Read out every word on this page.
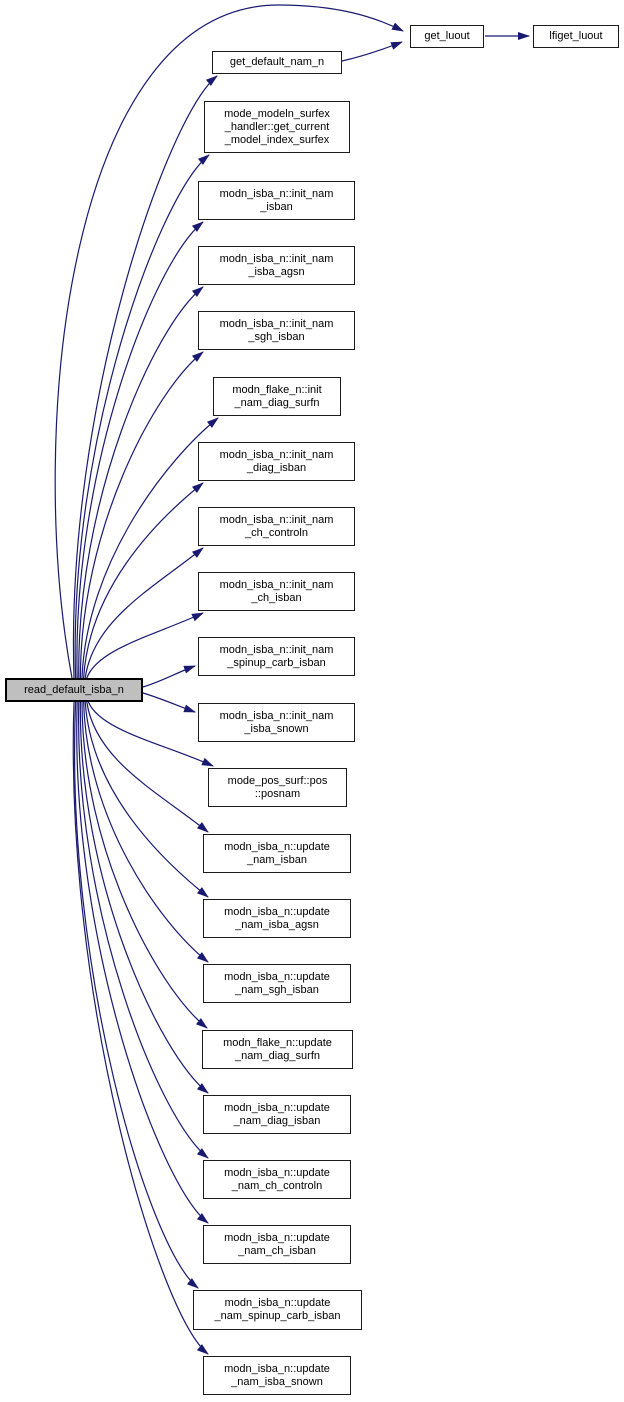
read_default_isba_n
get_luout	lfiget_luout
get_default_nam_n
mode_modeln_surfex
_handler::get_current
_model_index_surfex
modn_isba_n::init_nam
_isban
modn_isba_n::init_nam
_isba_agsn
modn_isba_n::init_nam
_sgh_isban
modn_flake_n::init
_nam_diag_surfn
modn_isba_n::init_nam
_diag_isban
modn_isba_n::init_nam
_ch_controln
modn_isba_n::init_nam
_ch_isban
modn_isba_n::init_nam
_spinup_carb_isban
modn_isba_n::init_nam
_isba_snown
mode_pos_surf::pos
::posnam
modn_isba_n::update
_nam_isban
modn_isba_n::update
_nam_isba_agsn
modn_isba_n::update
_nam_sgh_isban
modn_flake_n::update
_nam_diag_surfn
modn_isba_n::update
_nam_diag_isban
modn_isba_n::update
_nam_ch_controln
modn_isba_n::update
_nam_ch_isban
modn_isba_n::update
_nam_spinup_carb_isban
modn_isba_n::update
_nam_isba_snown
